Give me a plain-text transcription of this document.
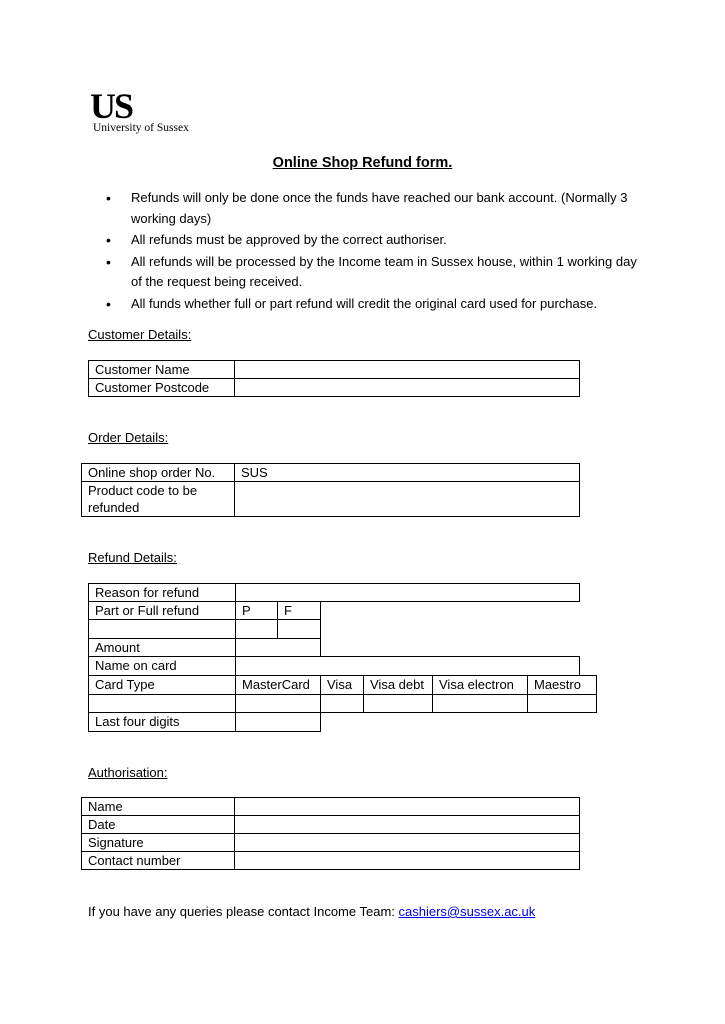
US
University of Sussex
Online Shop Refund form.
• Refunds will only be done once the funds have reached our bank account. (Normally 3 working days)
• All refunds must be approved by the correct authoriser.
• All refunds will be processed by the Income team in Sussex house, within 1 working day of the request being received.
• All funds whether full or part refund will credit the original card used for purchase.
Customer Details:
Customer Name	
Customer Postcode	
Order Details:
Online shop order No.	SUS

Product code to be refunded	

Refund Details:
Reason for refund
Part or Full refund	P	F
Amount
Name on card
Card Type	MasterCard	Visa	Visa debt	Visa electron	Maestro
Last four digits
Authorisation:
Name	
Date	
Signature	
Contact number	
If you have any queries please contact Income Team: cashiers@sussex.ac.uk
